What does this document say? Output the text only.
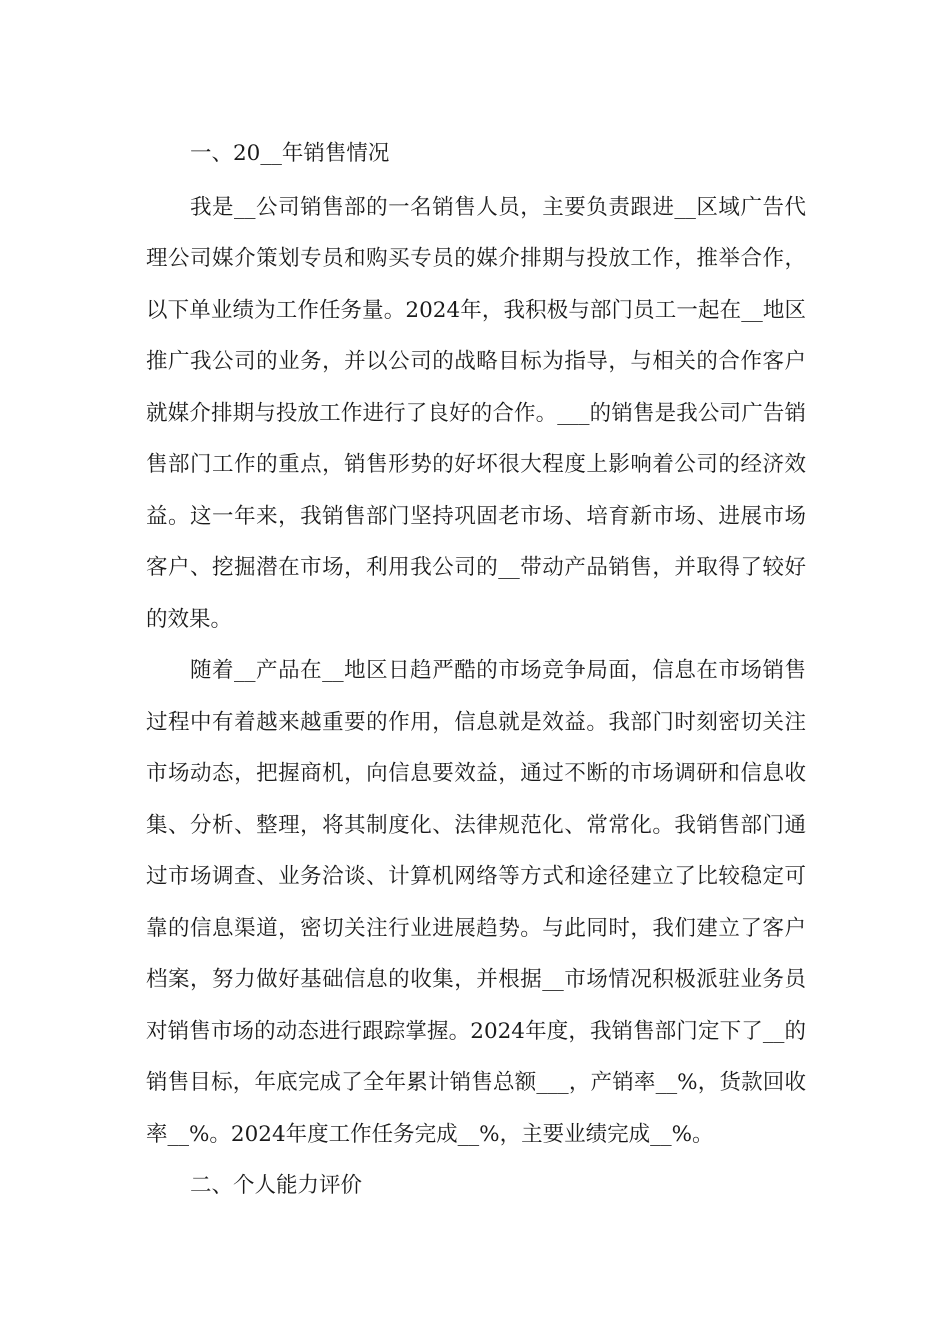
一、20__年销售情况

我是__公司销售部的一名销售人员，主要负责跟进__区域广告代理公司媒介策划专员和购买专员的媒介排期与投放工作，推举合作，以下单业绩为工作任务量。2024年，我积极与部门员工一起在__地区推广我公司的业务，并以公司的战略目标为指导，与相关的合作客户就媒介排期与投放工作进行了良好的合作。___的销售是我公司广告销售部门工作的重点，销售形势的好坏很大程度上影响着公司的经济效益。这一年来，我销售部门坚持巩固老市场、培育新市场、进展市场客户、挖掘潜在市场，利用我公司的__带动产品销售，并取得了较好的效果。

随着__产品在__地区日趋严酷的市场竞争局面，信息在市场销售过程中有着越来越重要的作用，信息就是效益。我部门时刻密切关注市场动态，把握商机，向信息要效益，通过不断的市场调研和信息收集、分析、整理，将其制度化、法律规范化、常常化。我销售部门通过市场调查、业务洽谈、计算机网络等方式和途径建立了比较稳定可靠的信息渠道，密切关注行业进展趋势。与此同时，我们建立了客户档案，努力做好基础信息的收集，并根据__市场情况积极派驻业务员对销售市场的动态进行跟踪掌握。2024年度，我销售部门定下了__的销售目标，年底完成了全年累计销售总额___，产销率__%，货款回收率__%。2024年度工作任务完成__%，主要业绩完成__%。

二、个人能力评价
